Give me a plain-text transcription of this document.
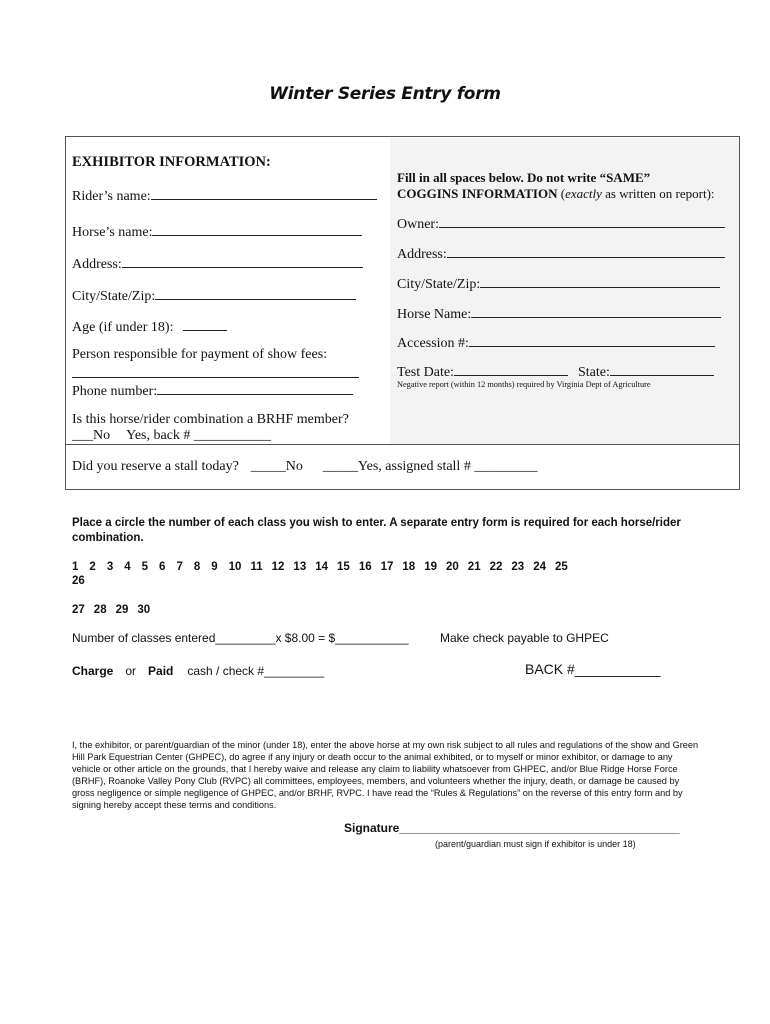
Winter Series Entry form
EXHIBITOR INFORMATION:
Rider’s name:
Horse’s name:
Address:
City/State/Zip:
Age (if under 18):
Person responsible for payment of show fees:
Phone number:
Is this horse/rider combination a BRHF member?
___No Yes, back # ___________
Did you reserve a stall today? _____No _____Yes, assigned stall # _________
Fill in all spaces below. Do not write “SAME”
COGGINS INFORMATION (exactly as written on report):
Owner:
Address:
City/State/Zip:
Horse Name:
Accession #:
Test Date:	State:
Negative report (within 12 months) required by Virginia Dept of Agriculture
Place a circle the number of each class you wish to enter. A separate entry form is required for each horse/rider combination.
1 2 3 4 5 6 7 8 9 10 11 12 13 14 15 16 17 18 19 20 21 22 23 24 25
26
27 28 29 30
Number of classes entered_________x $8.00 = $___________	Make check payable to GHPEC
Charge or Paid cash / check #_________	BACK #___________
I, the exhibitor, or parent/guardian of the minor (under 18), enter the above horse at my own risk subject to all rules and regulations of the show and Green Hill Park Equestrian Center (GHPEC), do agree if any injury or death occur to the animal exhibited, or to myself or minor exhibitor, or damage to any vehicle or other article on the grounds, that I hereby waive and release any claim to liability whatsoever from GHPEC, and/or Blue Ridge Horse Force (BRHF), Roanoke Valley Pony Club (RVPC) all committees, employees, members, and volunteers whether the injury, death, or damage be caused by gross negligence or simple negligence of GHPEC, and/or BRHF, RVPC. I have read the “Rules & Regulations” on the reverse of this entry form and by signing hereby accept these terms and conditions.
Signature__________________________________________
(parent/guardian must sign if exhibitor is under 18)
